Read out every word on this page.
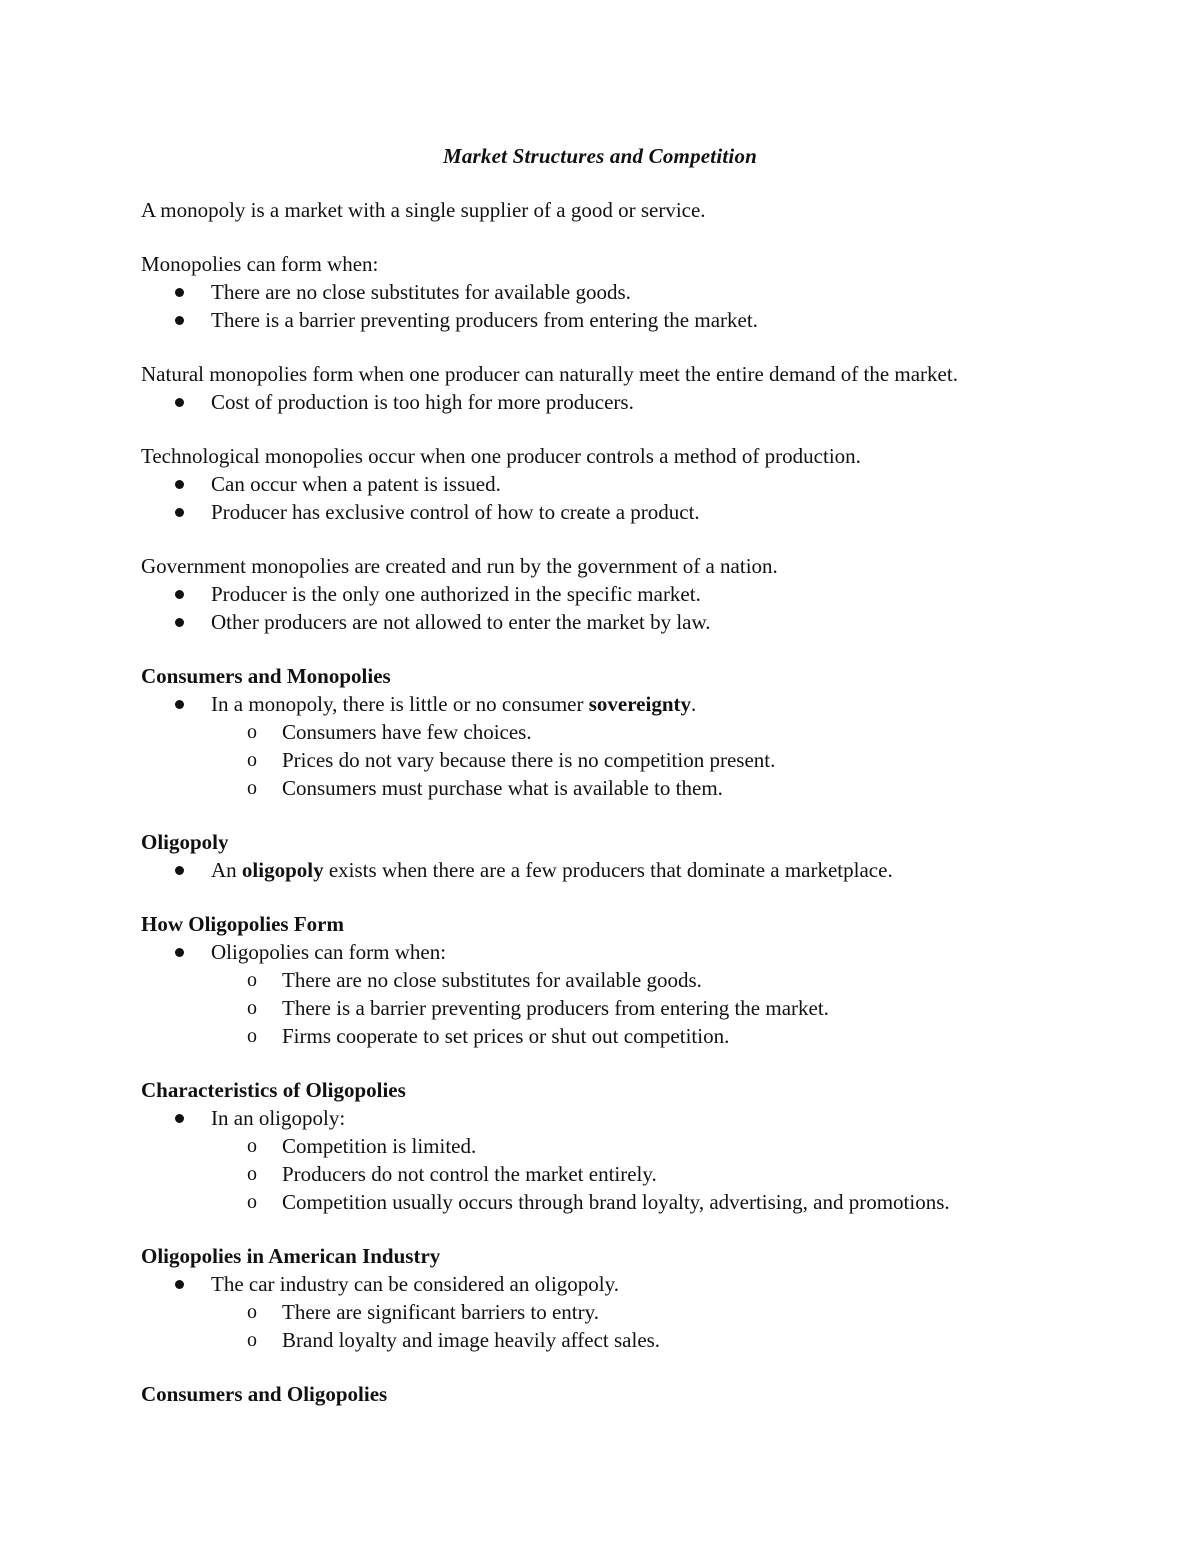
Market Structures and Competition
A monopoly is a market with a single supplier of a good or service.
Monopolies can form when:
There are no close substitutes for available goods.
There is a barrier preventing producers from entering the market.
Natural monopolies form when one producer can naturally meet the entire demand of the market.
Cost of production is too high for more producers.
Technological monopolies occur when one producer controls a method of production.
Can occur when a patent is issued.
Producer has exclusive control of how to create a product.
Government monopolies are created and run by the government of a nation.
Producer is the only one authorized in the specific market.
Other producers are not allowed to enter the market by law.
Consumers and Monopolies
In a monopoly, there is little or no consumer sovereignty.
o Consumers have few choices.
o Prices do not vary because there is no competition present.
o Consumers must purchase what is available to them.
Oligopoly
An oligopoly exists when there are a few producers that dominate a marketplace.
How Oligopolies Form
Oligopolies can form when:
o There are no close substitutes for available goods.
o There is a barrier preventing producers from entering the market.
o Firms cooperate to set prices or shut out competition.
Characteristics of Oligopolies
In an oligopoly:
o Competition is limited.
o Producers do not control the market entirely.
o Competition usually occurs through brand loyalty, advertising, and promotions.
Oligopolies in American Industry
The car industry can be considered an oligopoly.
o There are significant barriers to entry.
o Brand loyalty and image heavily affect sales.
Consumers and Oligopolies
